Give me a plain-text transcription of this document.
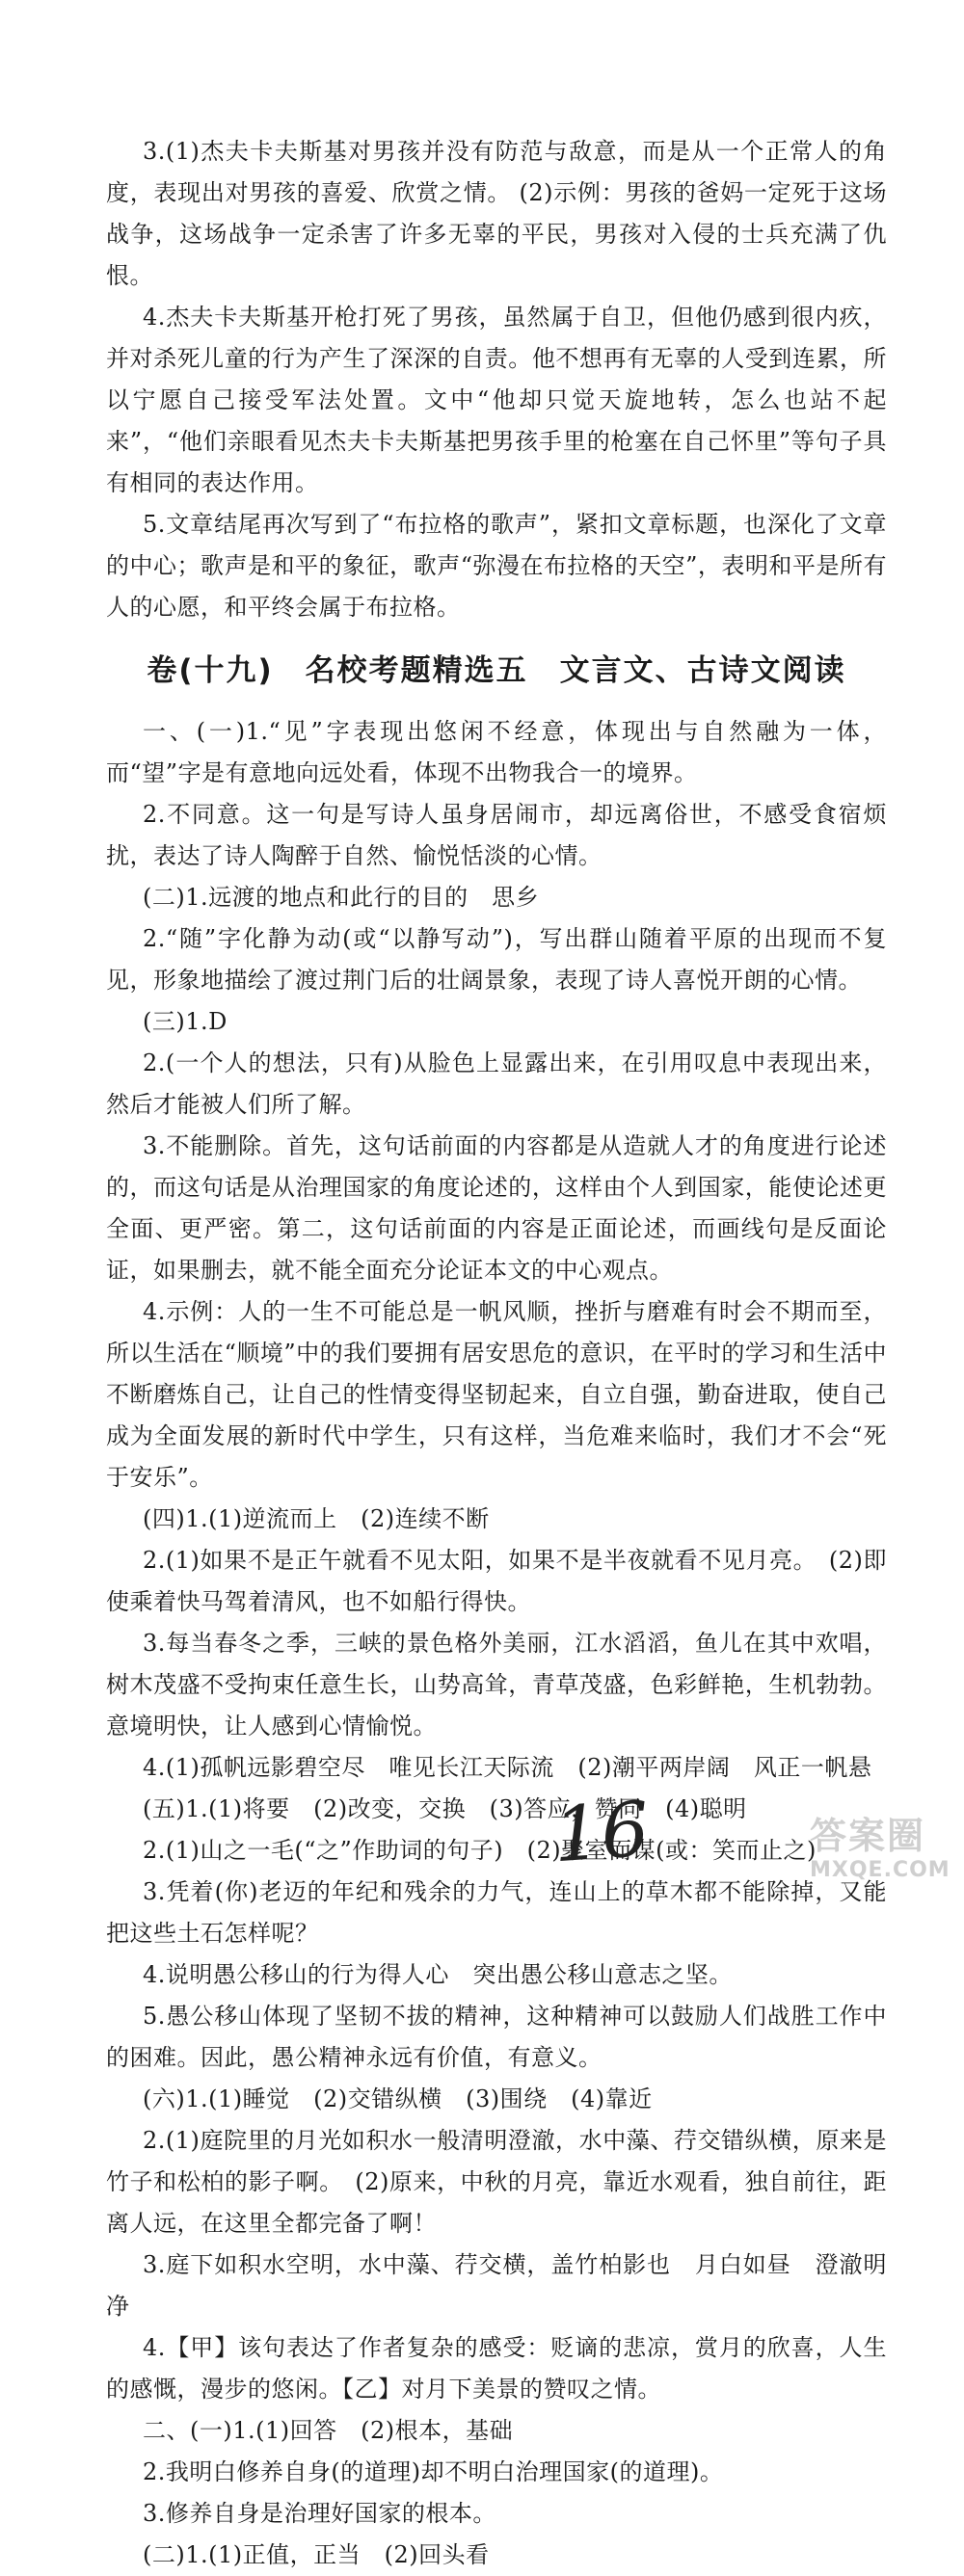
3.(1)杰夫卡夫斯基对男孩并没有防范与敌意，而是从一个正常人的角度，表现出对男孩的喜爱、欣赏之情。 (2)示例：男孩的爸妈一定死于这场战争，这场战争一定杀害了许多无辜的平民，男孩对入侵的士兵充满了仇恨。

4.杰夫卡夫斯基开枪打死了男孩，虽然属于自卫，但他仍感到很内疚，并对杀死儿童的行为产生了深深的自责。他不想再有无辜的人受到连累，所以宁愿自己接受军法处置。文中“他却只觉天旋地转，怎么也站不起来”，“他们亲眼看见杰夫卡夫斯基把男孩手里的枪塞在自己怀里”等句子具有相同的表达作用。

5.文章结尾再次写到了“布拉格的歌声”，紧扣文章标题，也深化了文章的中心；歌声是和平的象征，歌声“弥漫在布拉格的天空”，表明和平是所有人的心愿，和平终会属于布拉格。

卷(十九)　名校考题精选五　文言文、古诗文阅读

一、(一)1.“见”字表现出悠闲不经意，体现出与自然融为一体，而“望”字是有意地向远处看，体现不出物我合一的境界。

2.不同意。这一句是写诗人虽身居闹市，却远离俗世，不感受食宿烦扰，表达了诗人陶醉于自然、愉悦恬淡的心情。

(二)1.远渡的地点和此行的目的　思乡

2.“随”字化静为动(或“以静写动”)，写出群山随着平原的出现而不复见，形象地描绘了渡过荆门后的壮阔景象，表现了诗人喜悦开朗的心情。

(三)1.D

2.(一个人的想法，只有)从脸色上显露出来，在引用叹息中表现出来，然后才能被人们所了解。

3.不能删除。首先，这句话前面的内容都是从造就人才的角度进行论述的，而这句话是从治理国家的角度论述的，这样由个人到国家，能使论述更全面、更严密。第二，这句话前面的内容是正面论述，而画线句是反面论证，如果删去，就不能全面充分论证本文的中心观点。

4.示例：人的一生不可能总是一帆风顺，挫折与磨难有时会不期而至，所以生活在“顺境”中的我们要拥有居安思危的意识，在平时的学习和生活中不断磨炼自己，让自己的性情变得坚韧起来，自立自强，勤奋进取，使自己成为全面发展的新时代中学生，只有这样，当危难来临时，我们才不会“死于安乐”。

(四)1.(1)逆流而上　(2)连续不断

2.(1)如果不是正午就看不见太阳，如果不是半夜就看不见月亮。　(2)即使乘着快马驾着清风，也不如船行得快。

3.每当春冬之季，三峡的景色格外美丽，江水滔滔，鱼儿在其中欢唱，树木茂盛不受拘束任意生长，山势高耸，青草茂盛，色彩鲜艳，生机勃勃。意境明快，让人感到心情愉悦。

4.(1)孤帆远影碧空尽　唯见长江天际流　(2)潮平两岸阔　风正一帆悬

(五)1.(1)将要　(2)改变，交换　(3)答应，赞同　(4)聪明

2.(1)山之一毛(“之”作助词的句子)　(2)聚室而谋(或：笑而止之)

3.凭着(你)老迈的年纪和残余的力气，连山上的草木都不能除掉，又能把这些土石怎样呢？

4.说明愚公移山的行为得人心　突出愚公移山意志之坚。

5.愚公移山体现了坚韧不拔的精神，这种精神可以鼓励人们战胜工作中的困难。因此，愚公精神永远有价值，有意义。

(六)1.(1)睡觉　(2)交错纵横　(3)围绕　(4)靠近

2.(1)庭院里的月光如积水一般清明澄澈，水中藻、荇交错纵横，原来是竹子和松柏的影子啊。　(2)原来，中秋的月亮，靠近水观看，独自前往，距离人远，在这里全都完备了啊！

3.庭下如积水空明，水中藻、荇交横，盖竹柏影也　月白如昼　澄澈明净

4.【甲】该句表达了作者复杂的感受：贬谪的悲凉，赏月的欣喜，人生的感慨，漫步的悠闲。【乙】对月下美景的赞叹之情。

二、(一)1.(1)回答　(2)根本，基础

2.我明白修养自身(的道理)却不明白治理国家(的道理)。

3.修养自身是治理好国家的根本。

(二)1.(1)正值，正当　(2)回头看

16	答案圈
MXQE.COM
